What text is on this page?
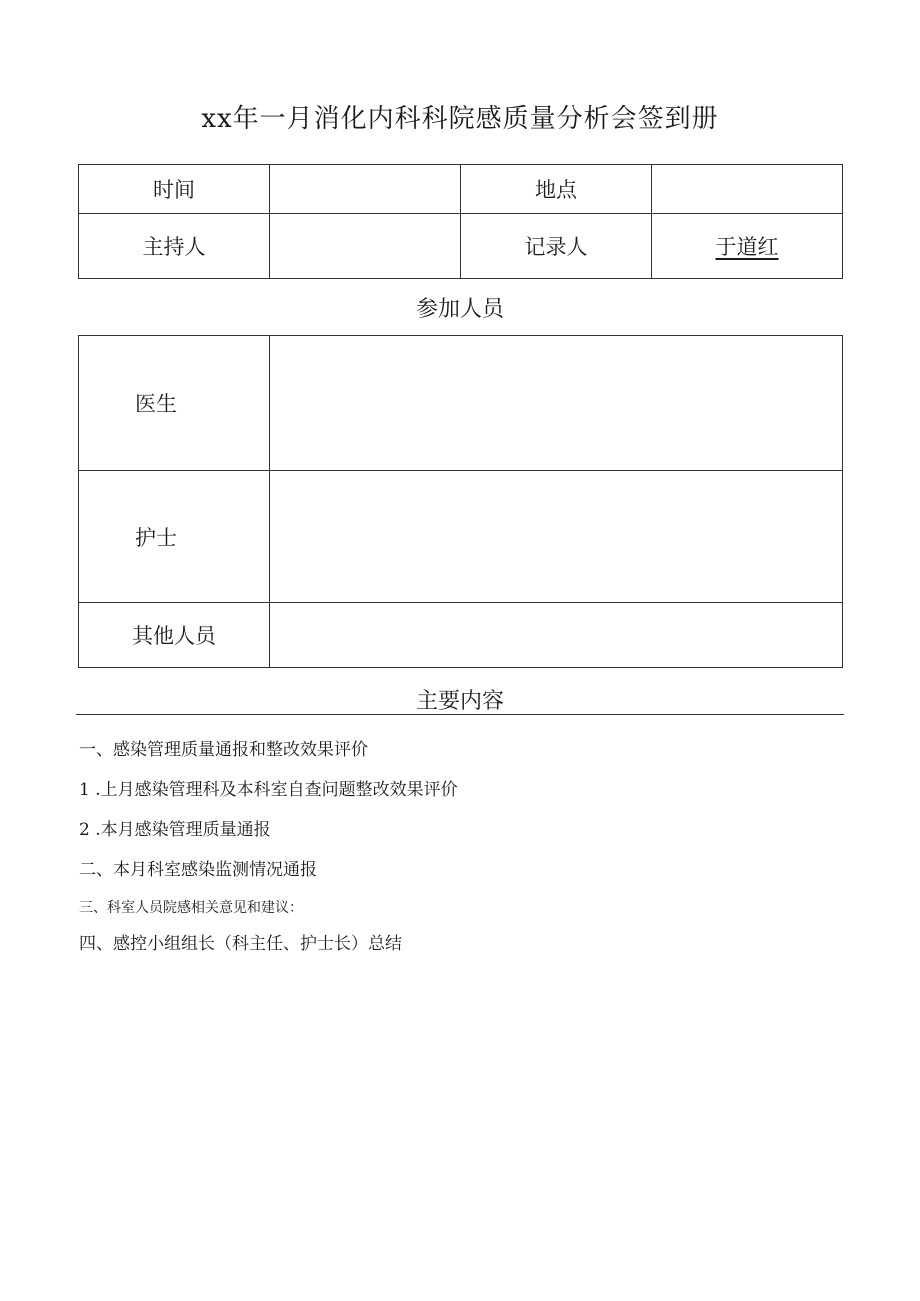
xx年一月消化内科科院感质量分析会签到册
时间		地点	
主持人		记录人	于道红
参加人员
医生	
护士	
其他人员	
主要内容
一、感染管理质量通报和整改效果评价
1 .上月感染管理科及本科室自查问题整改效果评价
2 .本月感染管理质量通报
二、本月科室感染监测情况通报
三、科室人员院感相关意见和建议：
四、感控小组组长（科主任、护士长）总结
